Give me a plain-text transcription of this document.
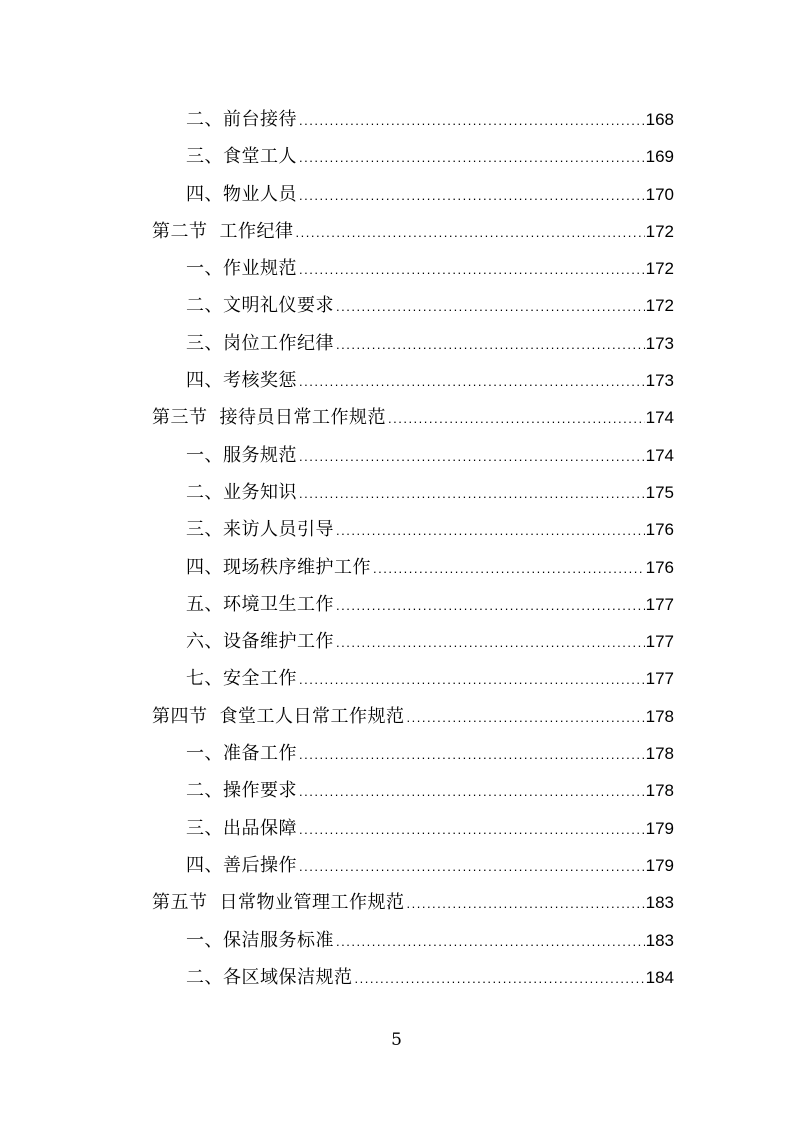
二、前台接待 .....	168
三、食堂工人 .....	169
四、物业人员 .....	170
第二节 工作纪律 .....	172
一、作业规范 .....	172
二、文明礼仪要求 .....	172
三、岗位工作纪律 .....	173
四、考核奖惩 .....	173
第三节 接待员日常工作规范 .....	174
一、服务规范 .....	174
二、业务知识 .....	175
三、来访人员引导 .....	176
四、现场秩序维护工作 .....	176
五、环境卫生工作 .....	177
六、设备维护工作 .....	177
七、安全工作 .....	177
第四节 食堂工人日常工作规范 .....	178
一、准备工作 .....	178
二、操作要求 .....	178
三、出品保障 .....	179
四、善后操作 .....	179
第五节 日常物业管理工作规范 .....	183
一、保洁服务标准 .....	183
二、各区域保洁规范 .....	184
5
